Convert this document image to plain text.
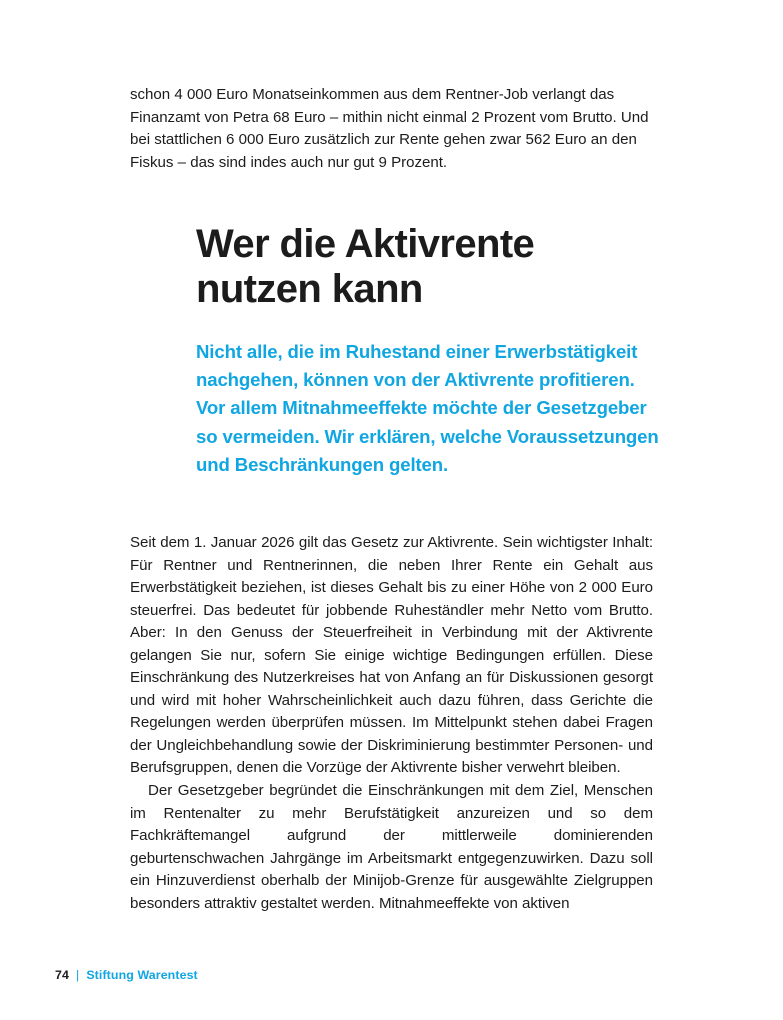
schon 4 000 Euro Monatseinkommen aus dem Rentner-Job verlangt das Finanzamt von Petra 68 Euro – mithin nicht einmal 2 Prozent vom Brutto. Und bei stattlichen 6 000 Euro zusätzlich zur Rente gehen zwar 562 Euro an den Fiskus – das sind indes auch nur gut 9 Prozent.

Wer die Aktivrente
nutzen kann

Nicht alle, die im Ruhestand einer Erwerbstätigkeit nachgehen, können von der Aktivrente profitieren. Vor allem Mitnahmeeffekte möchte der Gesetzgeber so vermeiden. Wir erklären, welche Voraussetzungen und Beschränkungen gelten.

Seit dem 1. Januar 2026 gilt das Gesetz zur Aktivrente. Sein wichtigster Inhalt: Für Rentner und Rentnerinnen, die neben Ihrer Rente ein Gehalt aus Erwerbstätigkeit beziehen, ist dieses Gehalt bis zu einer Höhe von 2 000 Euro steuerfrei. Das bedeutet für jobbende Ruheständler mehr Netto vom Brutto. Aber: In den Genuss der Steuerfreiheit in Verbindung mit der Aktivrente gelangen Sie nur, sofern Sie einige wichtige Bedingungen erfüllen. Diese Einschränkung des Nutzerkreises hat von Anfang an für Diskussionen gesorgt und wird mit hoher Wahrscheinlichkeit auch dazu führen, dass Gerichte die Regelungen werden überprüfen müssen. Im Mittelpunkt stehen dabei Fragen der Ungleichbehandlung sowie der Diskriminierung bestimmter Personen- und Berufsgruppen, denen die Vorzüge der Aktivrente bisher verwehrt bleiben.

Der Gesetzgeber begründet die Einschränkungen mit dem Ziel, Menschen im Rentenalter zu mehr Berufstätigkeit anzureizen und so dem Fachkräftemangel aufgrund der mittlerweile dominierenden geburtenschwachen Jahrgänge im Arbeitsmarkt entgegenzuwirken. Dazu soll ein Hinzuverdienst oberhalb der Minijob-Grenze für ausgewählte Zielgruppen besonders attraktiv gestaltet werden. Mitnahmeeffekte von aktiven

74 | Stiftung Warentest
